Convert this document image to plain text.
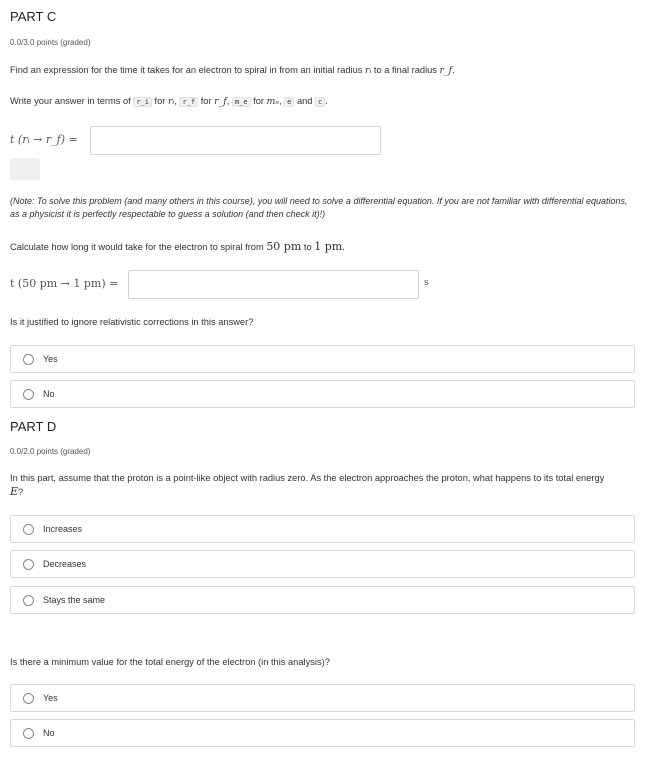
PART C
0.0/3.0 points (graded)
Find an expression for the time it takes for an electron to spiral in from an initial radius rᵢ to a final radius r_f.
Write your answer in terms of r_i for rᵢ, r_f for r_f, m_e for mₑ, e and c .
t (rᵢ → r_f) =
(Note: To solve this problem (and many others in this course), you will need to solve a differential equation. If you are not familiar with differential equations, as a physicist it is perfectly respectable to guess a solution (and then check it)!)
Calculate how long it would take for the electron to spiral from 50 pm to 1 pm.
t (50 pm → 1 pm) =	s
Is it justified to ignore relativistic corrections in this answer?
Yes
No
PART D
0.0/2.0 points (graded)
In this part, assume that the proton is a point-like object with radius zero. As the electron approaches the proton, what happens to its total energy E?
Increases
Decreases
Stays the same
Is there a minimum value for the total energy of the electron (in this analysis)?
Yes
No
